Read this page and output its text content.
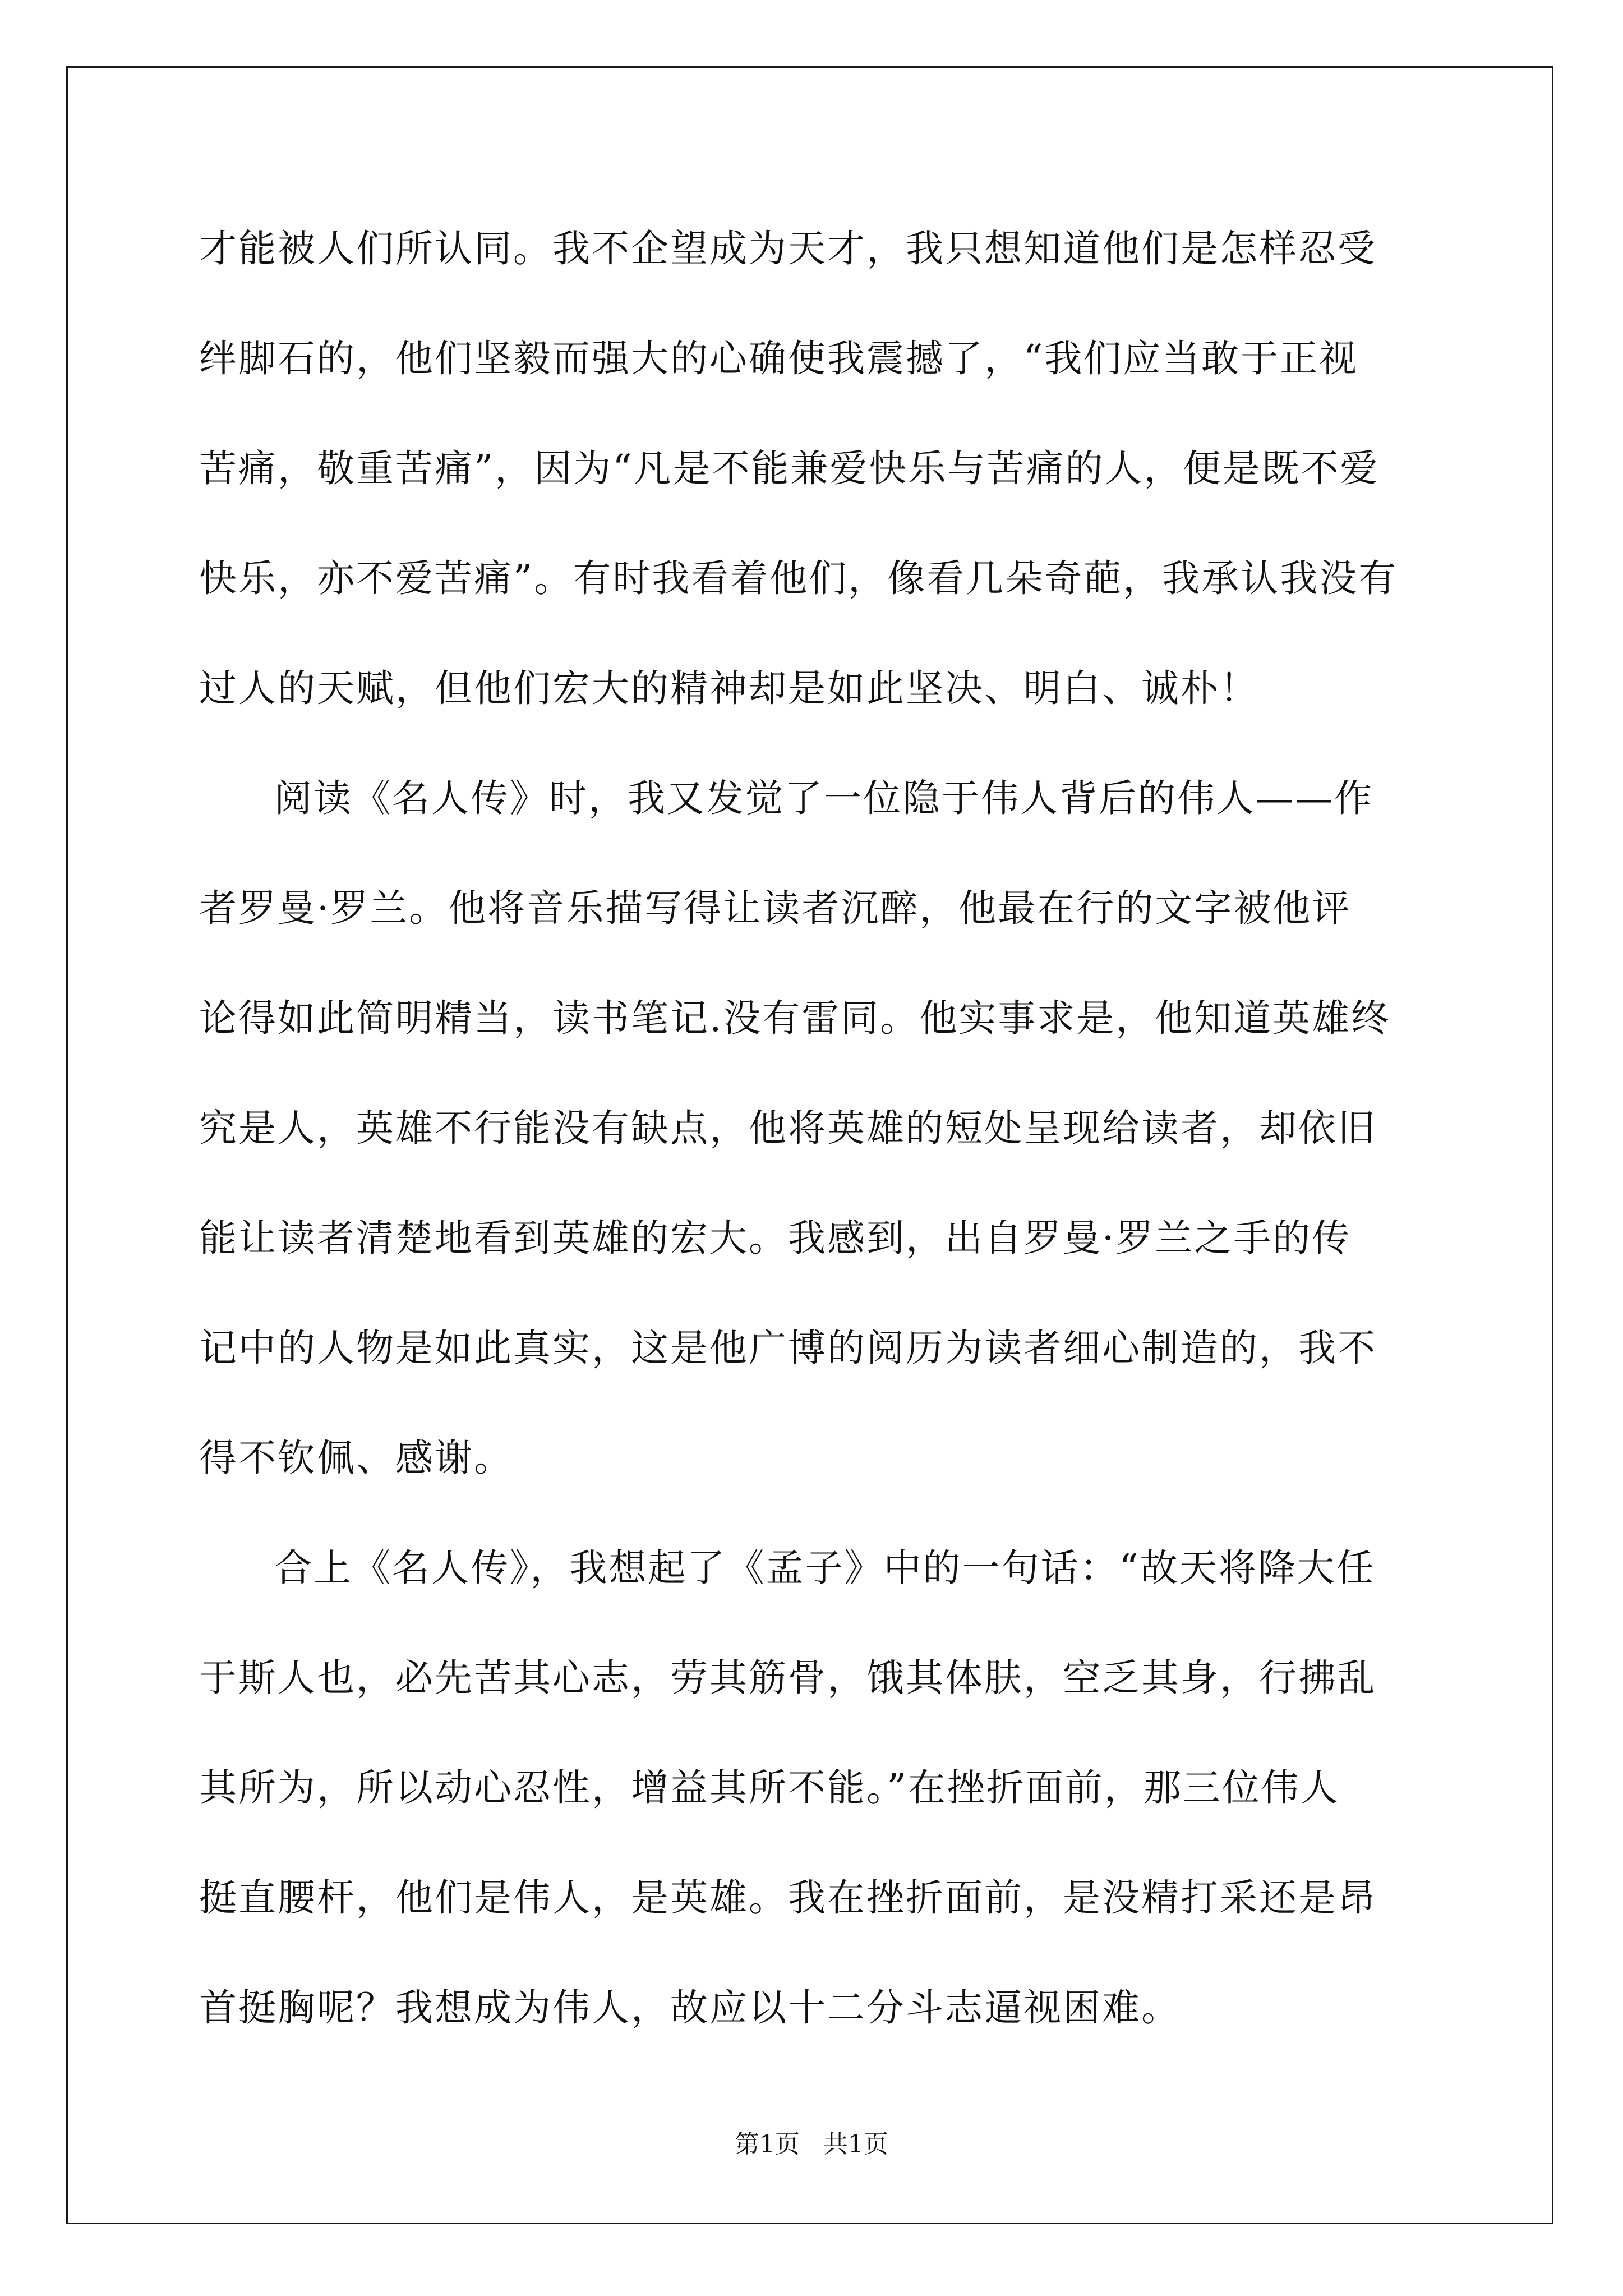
才能被人们所认同。我不企望成为天才，我只想知道他们是怎样忍受
绊脚石的，他们坚毅而强大的心确使我震撼了，“我们应当敢于正视
苦痛，敬重苦痛”，因为“凡是不能兼爱快乐与苦痛的人，便是既不爱
快乐，亦不爱苦痛”。有时我看着他们，像看几朵奇葩，我承认我没有
过人的天赋，但他们宏大的精神却是如此坚决、明白、诚朴！
阅读《名人传》时，我又发觉了一位隐于伟人背后的伟人——作
者罗曼·罗兰。他将音乐描写得让读者沉醉，他最在行的文字被他评
论得如此简明精当，读书笔记.没有雷同。他实事求是，他知道英雄终
究是人，英雄不行能没有缺点，他将英雄的短处呈现给读者，却依旧
能让读者清楚地看到英雄的宏大。我感到，出自罗曼·罗兰之手的传
记中的人物是如此真实，这是他广博的阅历为读者细心制造的，我不
得不钦佩、感谢。
合上《名人传》，我想起了《孟子》中的一句话：“故天将降大任
于斯人也，必先苦其心志，劳其筋骨，饿其体肤，空乏其身，行拂乱
其所为，所以动心忍性，增益其所不能。”在挫折面前，那三位伟人
挺直腰杆，他们是伟人，是英雄。我在挫折面前，是没精打采还是昂
首挺胸呢？我想成为伟人，故应以十二分斗志逼视困难。
第1页   共1页
